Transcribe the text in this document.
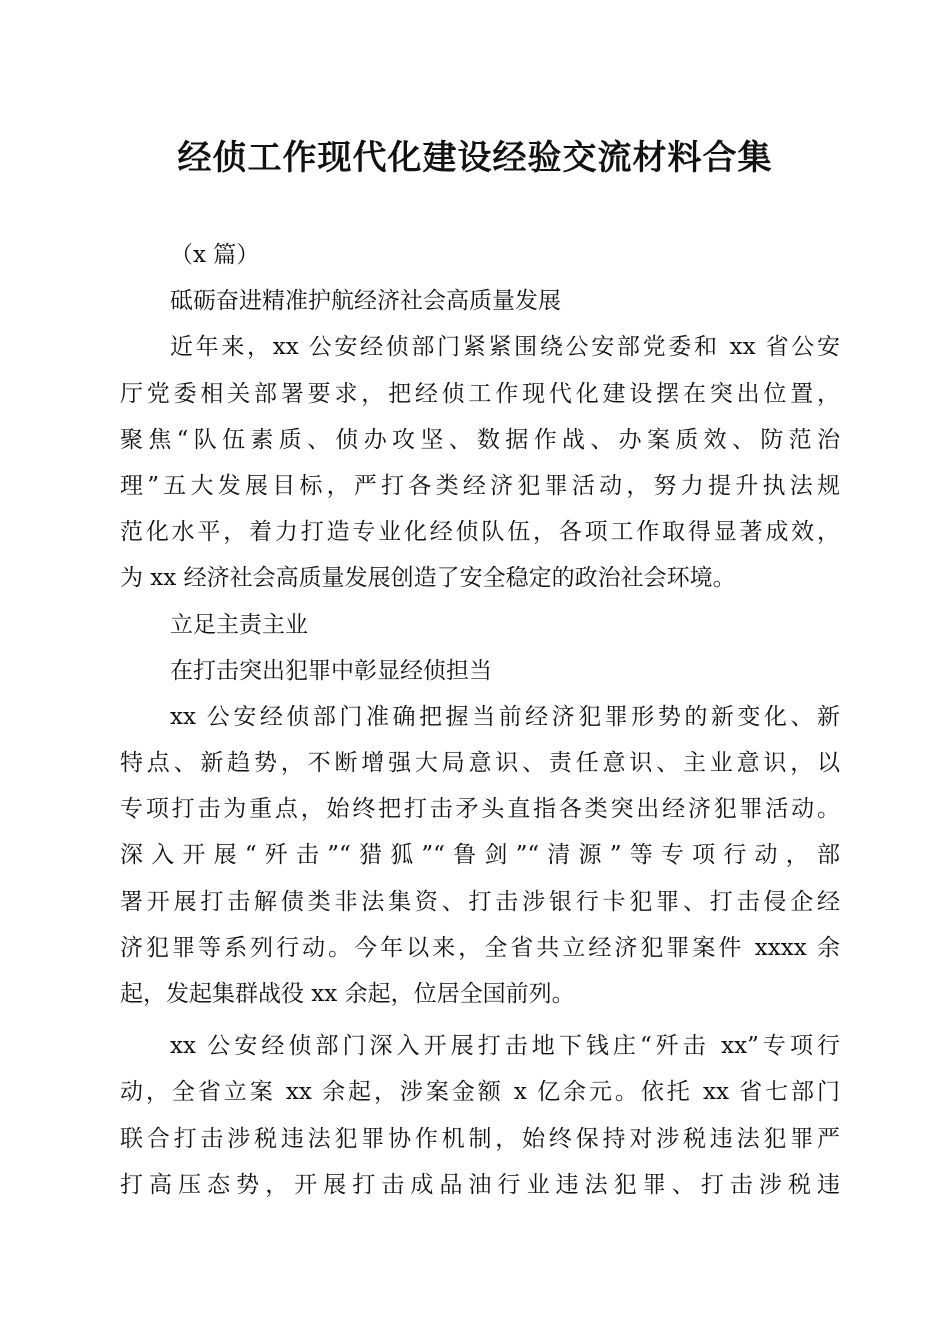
经侦工作现代化建设经验交流材料合集
（x 篇）
砥砺奋进精准护航经济社会高质量发展
近年来，xx 公安经侦部门紧紧围绕公安部党委和 xx 省公安
厅党委相关部署要求，把经侦工作现代化建设摆在突出位置，
聚焦“队伍素质、侦办攻坚、数据作战、办案质效、防范治
理”五大发展目标，严打各类经济犯罪活动，努力提升执法规
范化水平，着力打造专业化经侦队伍，各项工作取得显著成效，
为 xx 经济社会高质量发展创造了安全稳定的政治社会环境。
立足主责主业
在打击突出犯罪中彰显经侦担当
xx 公安经侦部门准确把握当前经济犯罪形势的新变化、新
特点、新趋势，不断增强大局意识、责任意识、主业意识，以
专项打击为重点，始终把打击矛头直指各类突出经济犯罪活动。
深入开展“歼击”“猎狐”“鲁剑”“清源”等专项行动，部
署开展打击解债类非法集资、打击涉银行卡犯罪、打击侵企经
济犯罪等系列行动。今年以来，全省共立经济犯罪案件 xxxx 余
起，发起集群战役 xx 余起，位居全国前列。
xx 公安经侦部门深入开展打击地下钱庄“歼击 xx”专项行
动，全省立案 xx 余起，涉案金额 x 亿余元。依托 xx 省七部门
联合打击涉税违法犯罪协作机制，始终保持对涉税违法犯罪严
打高压态势，开展打击成品油行业违法犯罪、打击涉税违
